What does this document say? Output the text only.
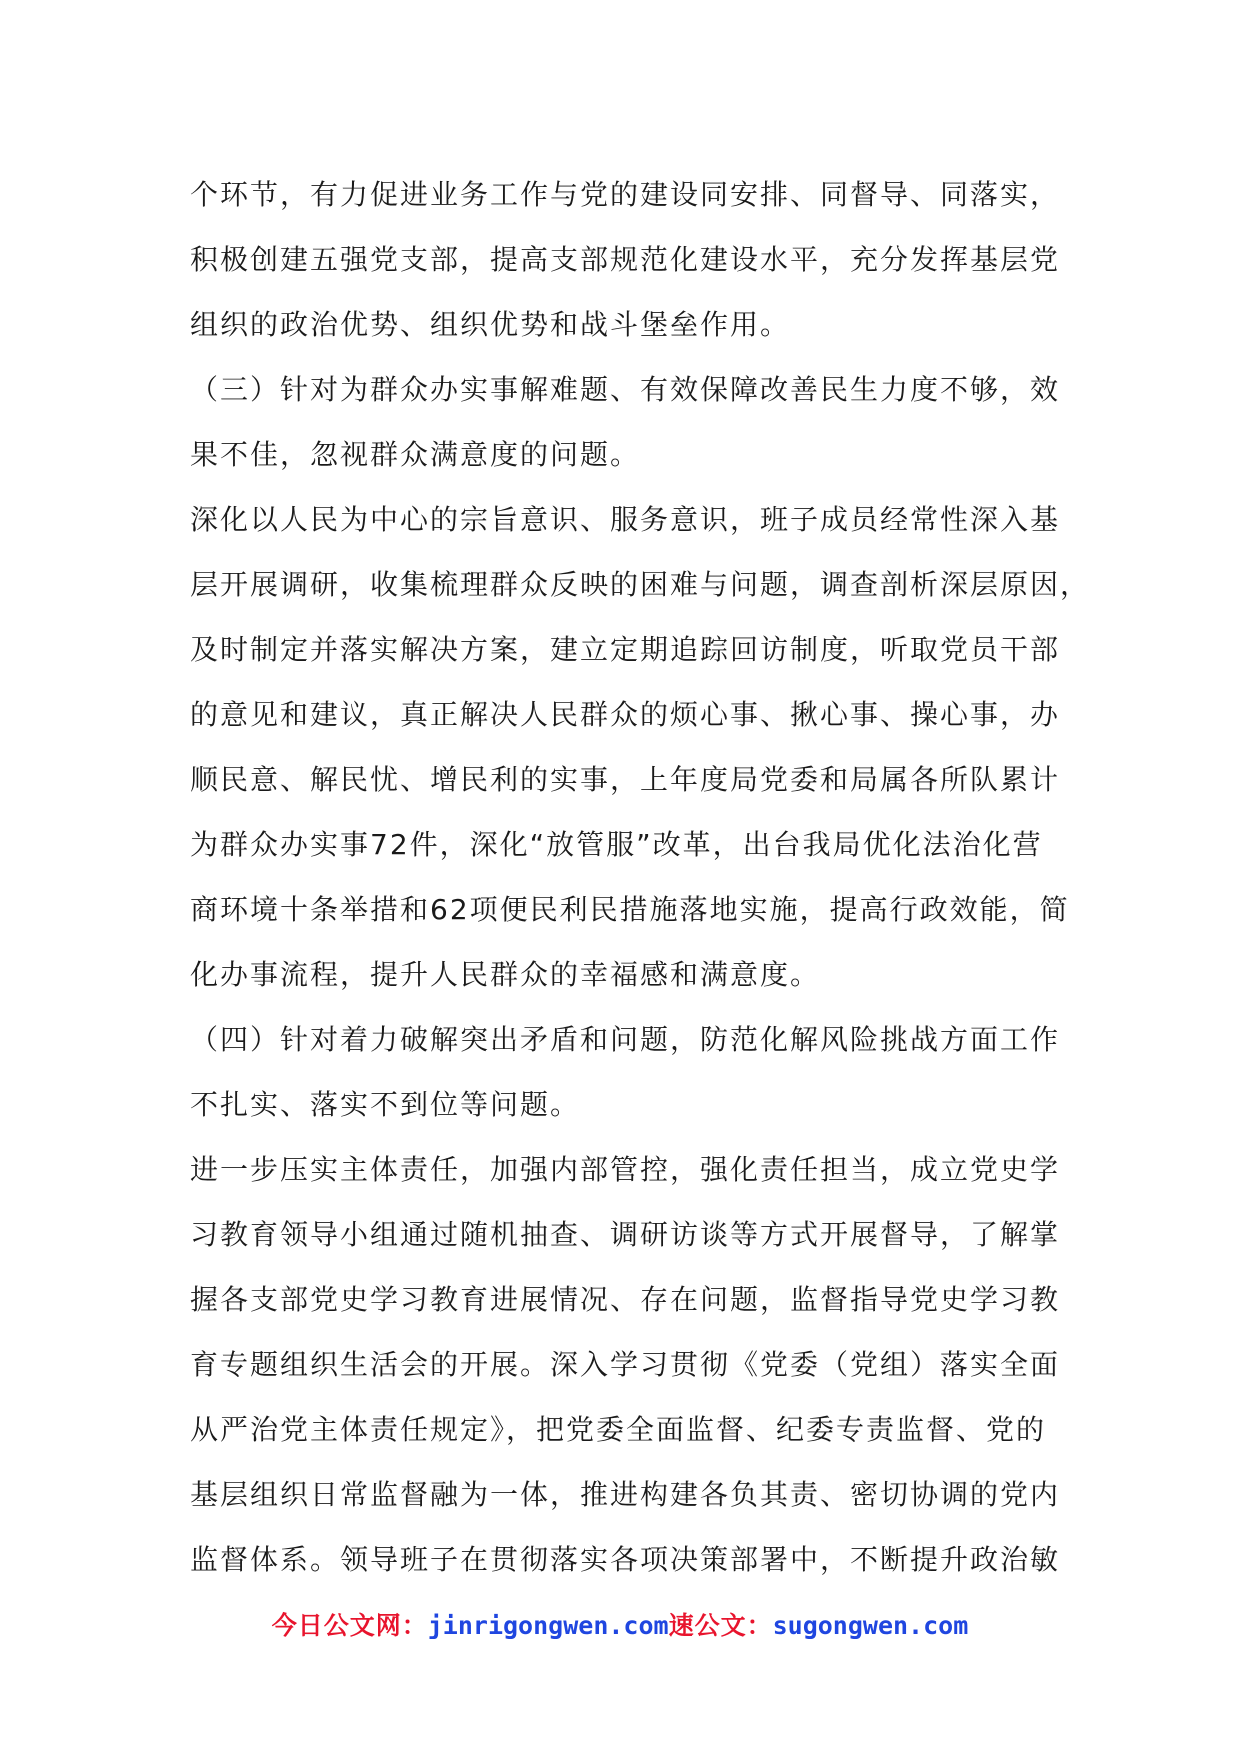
个环节，有力促进业务工作与党的建设同安排、同督导、同落实，
积极创建五强党支部，提高支部规范化建设水平，充分发挥基层党
组织的政治优势、组织优势和战斗堡垒作用。
（三）针对为群众办实事解难题、有效保障改善民生力度不够，效
果不佳，忽视群众满意度的问题。
深化以人民为中心的宗旨意识、服务意识，班子成员经常性深入基
层开展调研，收集梳理群众反映的困难与问题，调查剖析深层原因，
及时制定并落实解决方案，建立定期追踪回访制度，听取党员干部
的意见和建议，真正解决人民群众的烦心事、揪心事、操心事，办
顺民意、解民忧、增民利的实事，上年度局党委和局属各所队累计
为群众办实事72件，深化“放管服”改革，出台我局优化法治化营
商环境十条举措和62项便民利民措施落地实施，提高行政效能，简
化办事流程，提升人民群众的幸福感和满意度。
（四）针对着力破解突出矛盾和问题，防范化解风险挑战方面工作
不扎实、落实不到位等问题。
进一步压实主体责任，加强内部管控，强化责任担当，成立党史学
习教育领导小组通过随机抽查、调研访谈等方式开展督导，了解掌
握各支部党史学习教育进展情况、存在问题，监督指导党史学习教
育专题组织生活会的开展。深入学习贯彻《党委（党组）落实全面
从严治党主体责任规定》，把党委全面监督、纪委专责监督、党的
基层组织日常监督融为一体，推进构建各负其责、密切协调的党内
监督体系。领导班子在贯彻落实各项决策部署中，不断提升政治敏
今日公文网：jinrigongwen.com速公文：sugongwen.com
